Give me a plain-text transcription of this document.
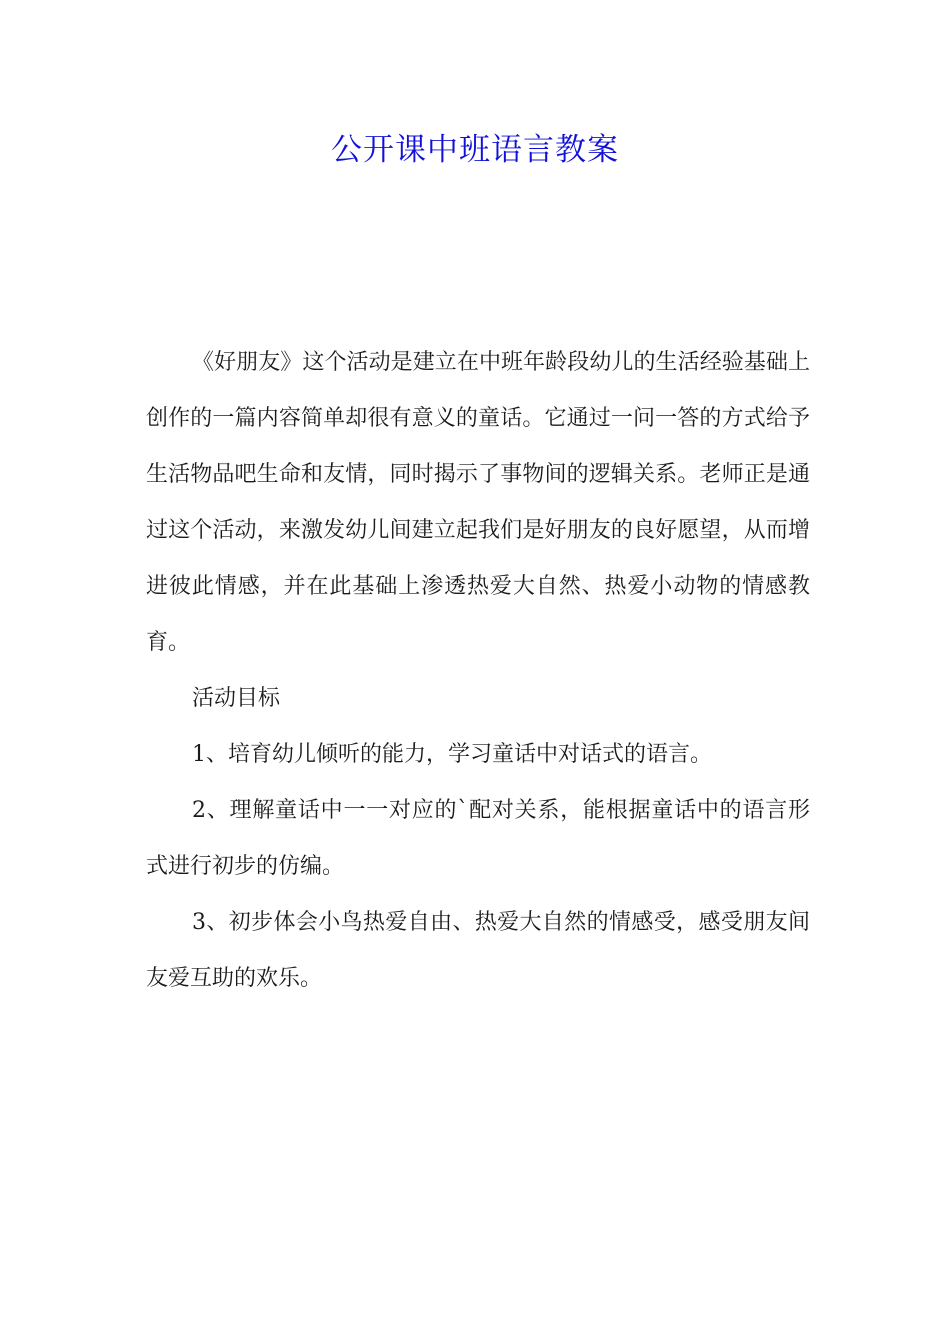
公开课中班语言教案

《好朋友》这个活动是建立在中班年龄段幼儿的生活经验基础上创作的一篇内容简单却很有意义的童话。它通过一问一答的方式给予生活物品吧生命和友情，同时揭示了事物间的逻辑关系。老师正是通过这个活动，来激发幼儿间建立起我们是好朋友的良好愿望，从而增进彼此情感，并在此基础上渗透热爱大自然、热爱小动物的情感教育。

活动目标

1、培育幼儿倾听的能力，学习童话中对话式的语言。

2、理解童话中一一对应的`配对关系，能根据童话中的语言形式进行初步的仿编。

3、初步体会小鸟热爱自由、热爱大自然的情感受，感受朋友间友爱互助的欢乐。
